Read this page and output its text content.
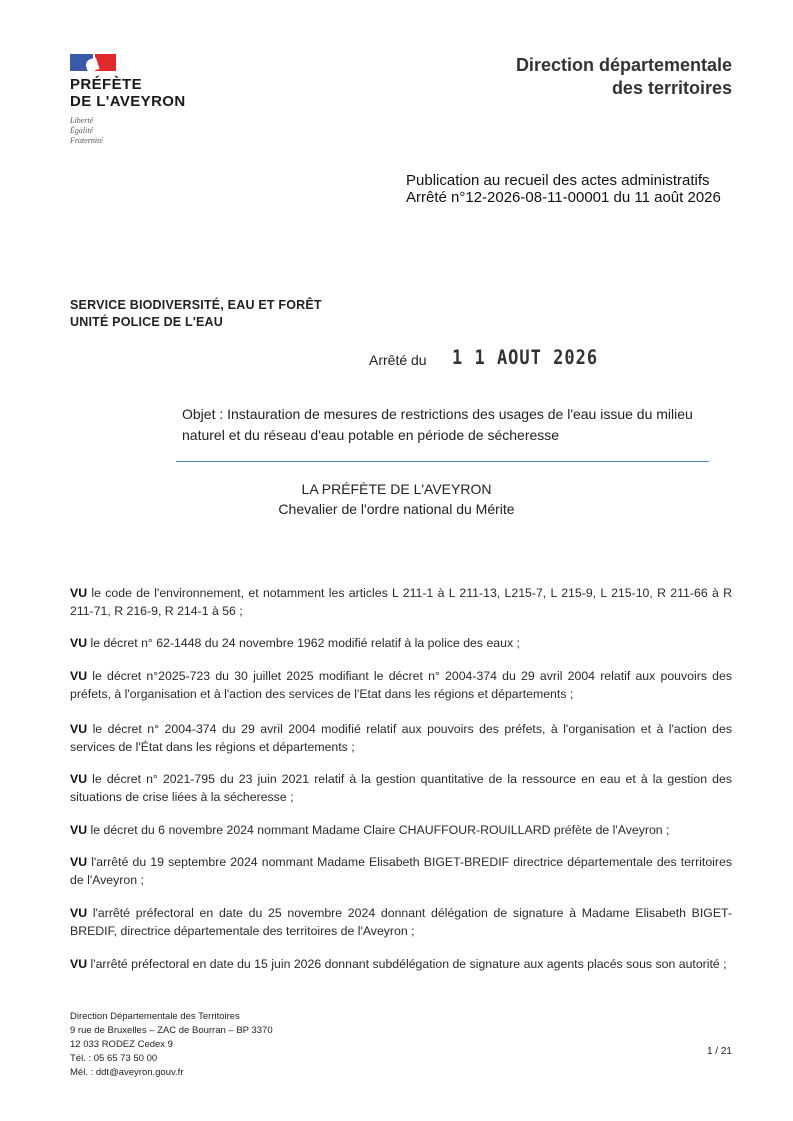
PRÉFÈTE
DE L'AVEYRON
Liberté
Égalité
Fraternité
Direction départementale
des territoires
Publication au recueil des actes administratifs
Arrêté n°12-2026-08-11-00001 du 11 août 2026
SERVICE BIODIVERSITÉ, EAU ET FORÊT
UNITÉ POLICE DE L'EAU
Arrêté du 1 1 AOUT 2026
Objet : Instauration de mesures de restrictions des usages de l'eau issue du milieu naturel et du réseau d'eau potable en période de sécheresse
LA PRÉFÈTE DE L'AVEYRON
Chevalier de l'ordre national du Mérite
VU le code de l'environnement, et notamment les articles L 211-1 à L 211-13, L215-7, L 215-9, L 215-10, R 211-66 à R 211-71, R 216-9, R 214-1 à 56 ;
VU le décret n° 62-1448 du 24 novembre 1962 modifié relatif à la police des eaux ;
VU le décret n°2025-723 du 30 juillet 2025 modifiant le décret n° 2004-374 du 29 avril 2004 relatif aux pouvoirs des préfets, à l'organisation et à l'action des services de l'Etat dans les régions et départements ;
VU le décret n° 2004-374 du 29 avril 2004 modifié relatif aux pouvoirs des préfets, à l'organisation et à l'action des services de l'État dans les régions et départements ;
VU le décret n° 2021-795 du 23 juin 2021 relatif à la gestion quantitative de la ressource en eau et à la gestion des situations de crise liées à la sécheresse ;
VU le décret du 6 novembre 2024 nommant Madame Claire CHAUFFOUR-ROUILLARD préfète de l'Aveyron ;
VU l'arrêté du 19 septembre 2024 nommant Madame Elisabeth BIGET-BREDIF directrice départementale des territoires de l'Aveyron ;
VU l'arrêté préfectoral en date du 25 novembre 2024 donnant délégation de signature à Madame Elisabeth BIGET-BREDIF, directrice départementale des territoires de l'Aveyron ;
VU l'arrêté préfectoral en date du 15 juin 2026 donnant subdélégation de signature aux agents placés sous son autorité ;
Direction Départementale des Territoires
9 rue de Bruxelles – ZAC de Bourran – BP 3370
12 033 RODEZ Cedex 9
Tél. : 05 65 73 50 00
Mél. : ddt@aveyron.gouv.fr
1 / 21
